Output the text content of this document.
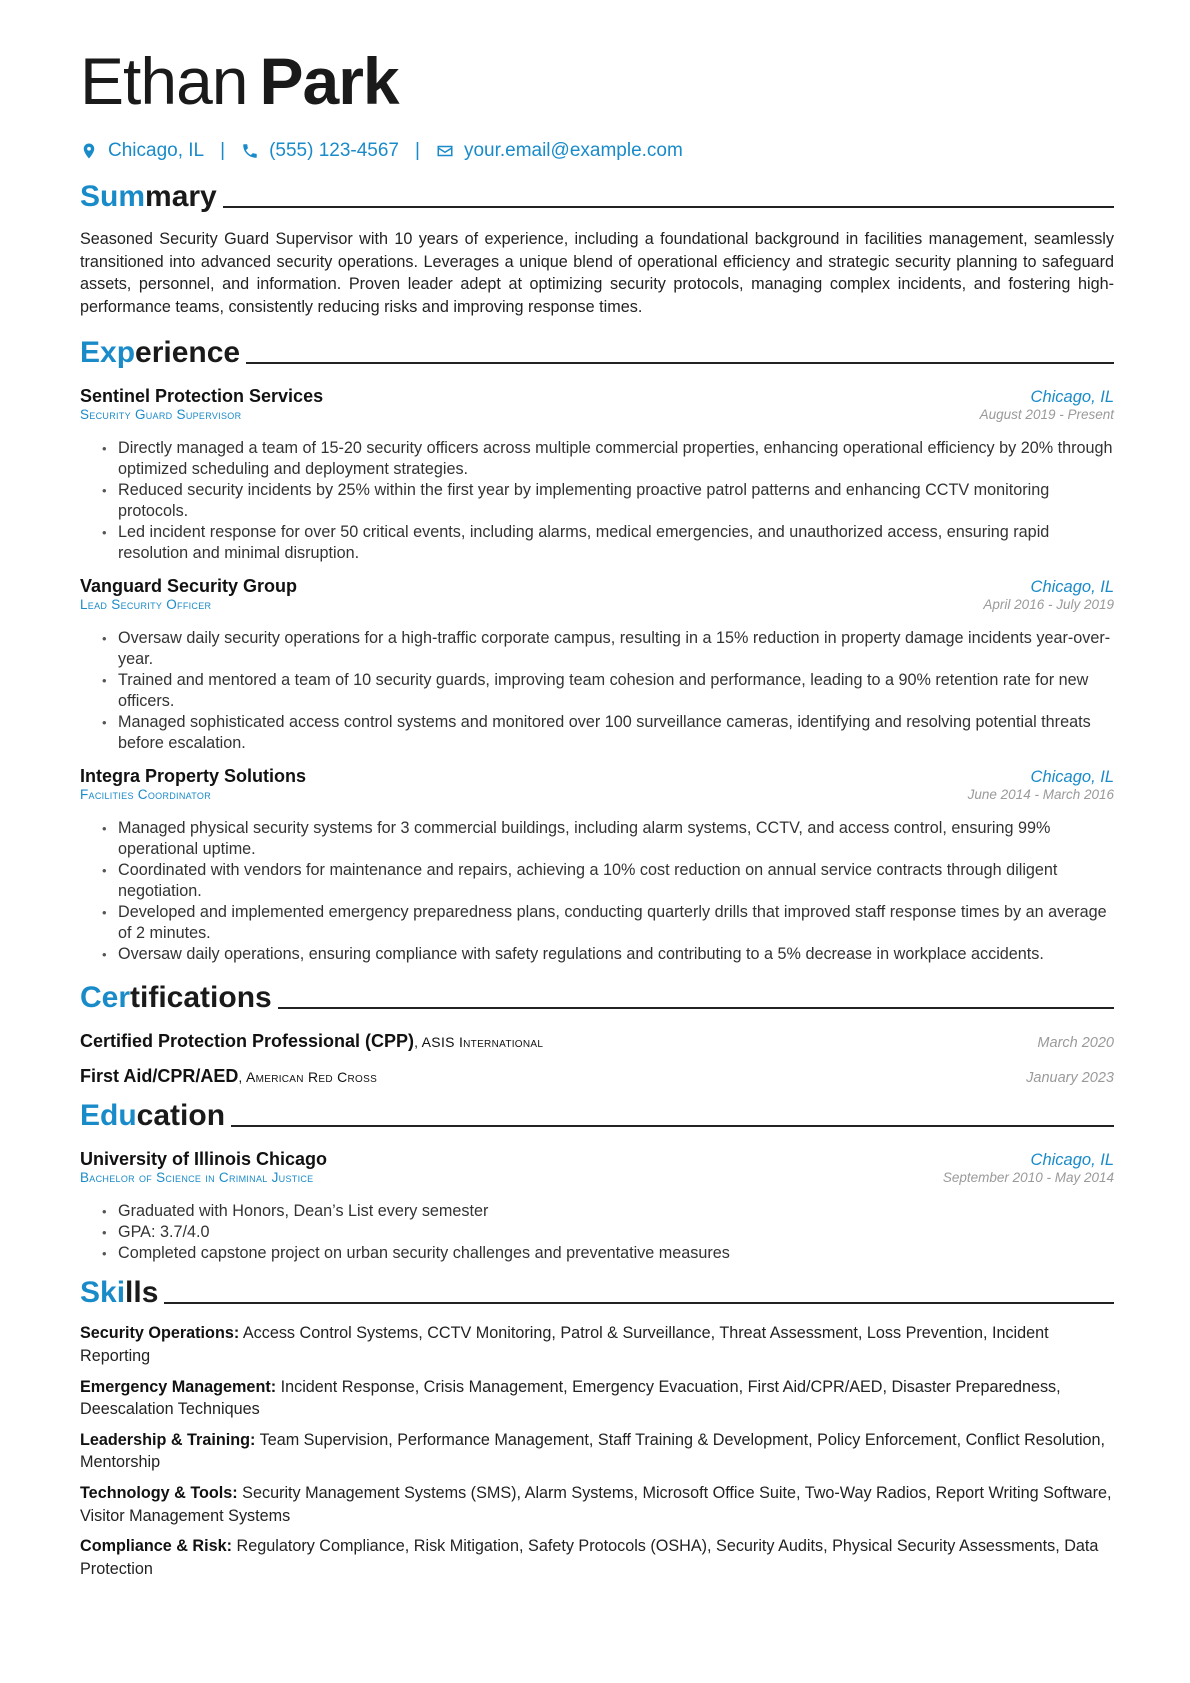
Ethan Park
Chicago, IL | (555) 123-4567 | your.email@example.com
Summary
Seasoned Security Guard Supervisor with 10 years of experience, including a foundational background in facilities management, seamlessly transitioned into advanced security operations. Leverages a unique blend of operational efficiency and strategic security planning to safeguard assets, personnel, and information. Proven leader adept at optimizing security protocols, managing complex incidents, and fostering high-performance teams, consistently reducing risks and improving response times.
Experience
Sentinel Protection Services	Chicago, IL
Security Guard Supervisor	August 2019 - Present
• Directly managed a team of 15-20 security officers across multiple commercial properties, enhancing operational efficiency by 20% through optimized scheduling and deployment strategies.
• Reduced security incidents by 25% within the first year by implementing proactive patrol patterns and enhancing CCTV monitoring protocols.
• Led incident response for over 50 critical events, including alarms, medical emergencies, and unauthorized access, ensuring rapid resolution and minimal disruption.
Vanguard Security Group	Chicago, IL
Lead Security Officer	April 2016 - July 2019
• Oversaw daily security operations for a high-traffic corporate campus, resulting in a 15% reduction in property damage incidents year-over-year.
• Trained and mentored a team of 10 security guards, improving team cohesion and performance, leading to a 90% retention rate for new officers.
• Managed sophisticated access control systems and monitored over 100 surveillance cameras, identifying and resolving potential threats before escalation.
Integra Property Solutions	Chicago, IL
Facilities Coordinator	June 2014 - March 2016
• Managed physical security systems for 3 commercial buildings, including alarm systems, CCTV, and access control, ensuring 99% operational uptime.
• Coordinated with vendors for maintenance and repairs, achieving a 10% cost reduction on annual service contracts through diligent negotiation.
• Developed and implemented emergency preparedness plans, conducting quarterly drills that improved staff response times by an average of 2 minutes.
• Oversaw daily operations, ensuring compliance with safety regulations and contributing to a 5% decrease in workplace accidents.
Certifications
Certified Protection Professional (CPP), ASIS International	March 2020
First Aid/CPR/AED, American Red Cross	January 2023
Education
University of Illinois Chicago	Chicago, IL
Bachelor of Science in Criminal Justice	September 2010 - May 2014
• Graduated with Honors, Dean’s List every semester
• GPA: 3.7/4.0
• Completed capstone project on urban security challenges and preventative measures
Skills
Security Operations: Access Control Systems, CCTV Monitoring, Patrol & Surveillance, Threat Assessment, Loss Prevention, Incident Reporting
Emergency Management: Incident Response, Crisis Management, Emergency Evacuation, First Aid/CPR/AED, Disaster Preparedness, Deescalation Techniques
Leadership & Training: Team Supervision, Performance Management, Staff Training & Development, Policy Enforcement, Conflict Resolution, Mentorship
Technology & Tools: Security Management Systems (SMS), Alarm Systems, Microsoft Office Suite, Two-Way Radios, Report Writing Software, Visitor Management Systems
Compliance & Risk: Regulatory Compliance, Risk Mitigation, Safety Protocols (OSHA), Security Audits, Physical Security Assessments, Data Protection
